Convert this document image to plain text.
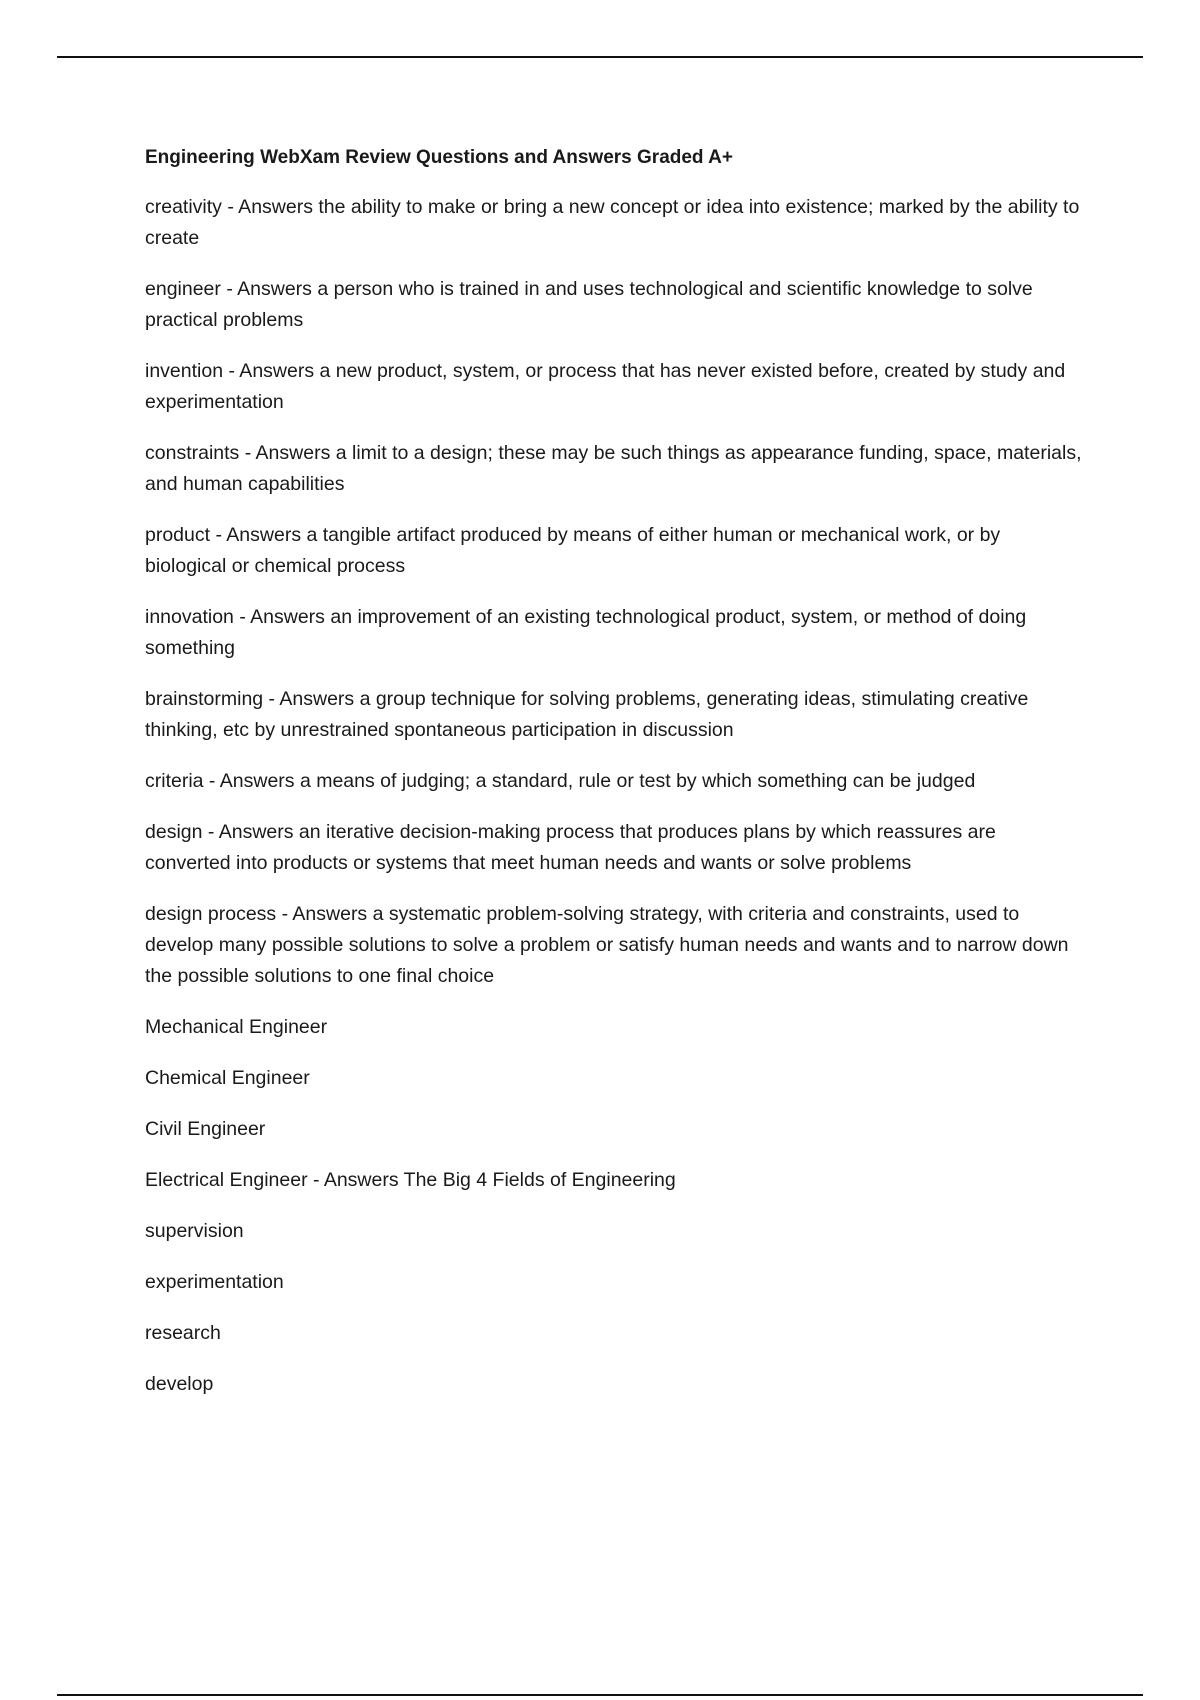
Engineering WebXam Review Questions and Answers Graded A+
creativity - Answers the ability to make or bring a new concept or idea into existence; marked by the ability to create
engineer - Answers a person who is trained in and uses technological and scientific knowledge to solve practical problems
invention - Answers a new product, system, or process that has never existed before, created by study and experimentation
constraints - Answers a limit to a design; these may be such things as appearance funding, space, materials, and human capabilities
product - Answers a tangible artifact produced by means of either human or mechanical work, or by biological or chemical process
innovation - Answers an improvement of an existing technological product, system, or method of doing something
brainstorming - Answers a group technique for solving problems, generating ideas, stimulating creative thinking, etc by unrestrained spontaneous participation in discussion
criteria - Answers a means of judging; a standard, rule or test by which something can be judged
design - Answers an iterative decision-making process that produces plans by which reassures are converted into products or systems that meet human needs and wants or solve problems
design process - Answers a systematic problem-solving strategy, with criteria and constraints, used to develop many possible solutions to solve a problem or satisfy human needs and wants and to narrow down the possible solutions to one final choice
Mechanical Engineer
Chemical Engineer
Civil Engineer
Electrical Engineer - Answers The Big 4 Fields of Engineering
supervision
experimentation
research
develop
